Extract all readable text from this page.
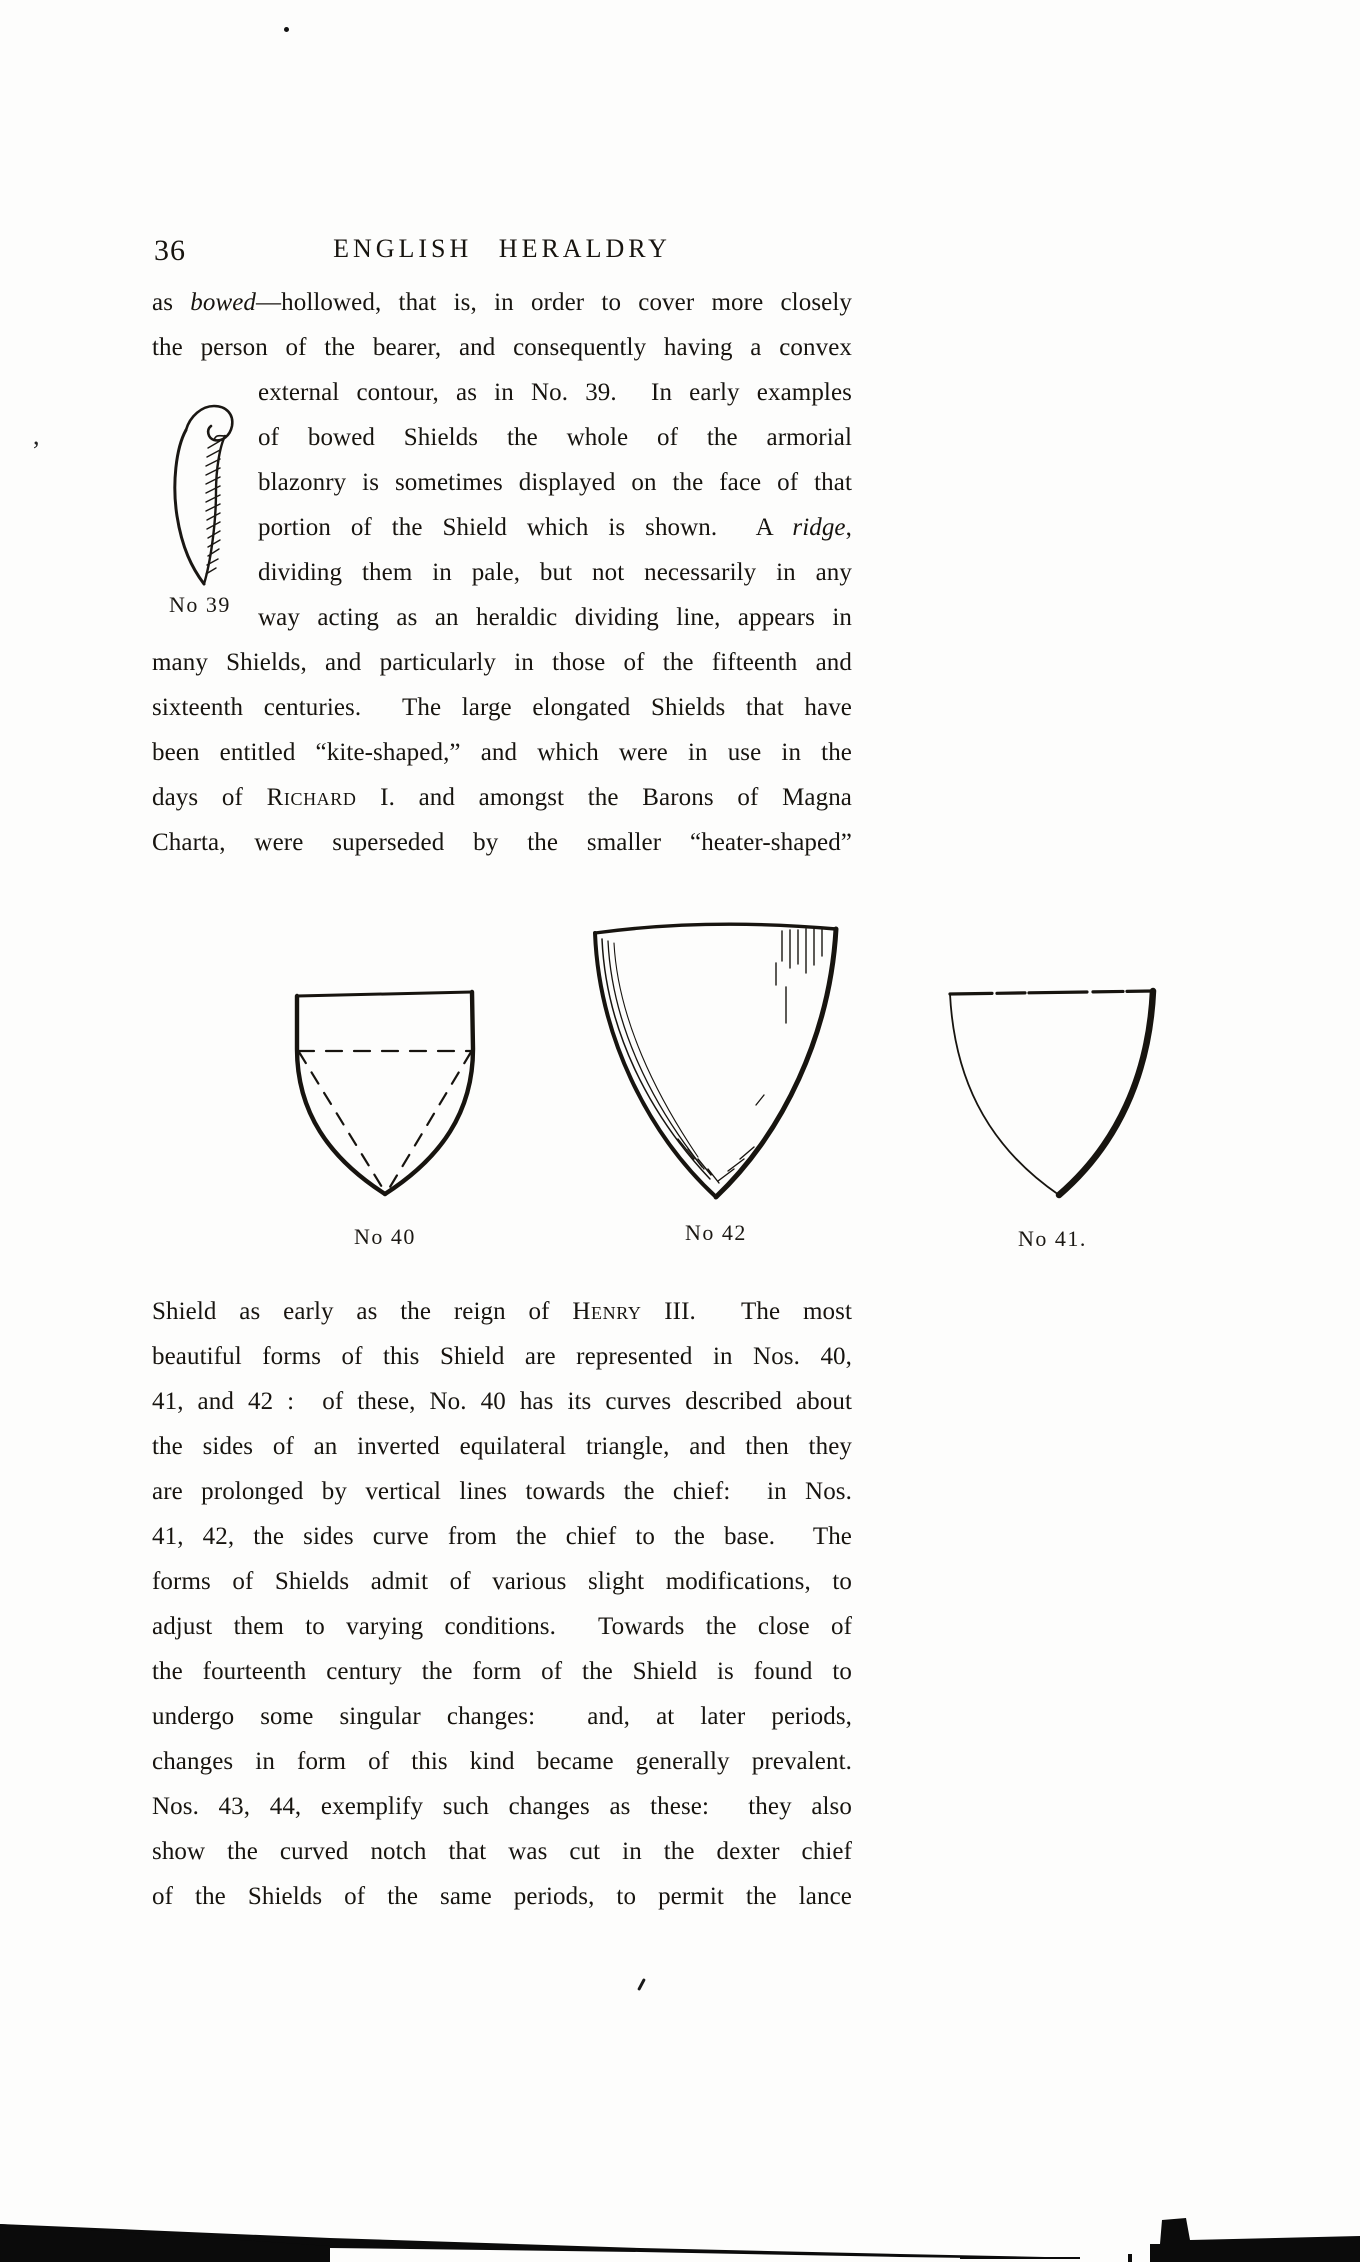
,
36	ENGLISH HERALDRY
as bowed—hollowed, that is, in order to cover more closely
the person of the bearer, and consequently having a convex
No 39
external contour, as in No. 39.  In early examples
of bowed Shields the whole of the armorial
blazonry is sometimes displayed on the face of that
portion of the Shield which is shown.  A ridge,
dividing them in pale, but not necessarily in any
way acting as an heraldic dividing line, appears in
many Shields, and particularly in those of the fifteenth and
sixteenth centuries.  The large elongated Shields that have
been entitled “kite-shaped,” and which were in use in the
days of Richard I. and amongst the Barons of Magna
Charta, were superseded by the smaller “heater-shaped”
No 40	No 42	No 41.
Shield as early as the reign of Henry III.  The most
beautiful forms of this Shield are represented in Nos. 40,
41, and 42 :  of these, No. 40 has its curves described about
the sides of an inverted equilateral triangle, and then they
are prolonged by vertical lines towards the chief:  in Nos.
41, 42, the sides curve from the chief to the base.  The
forms of Shields admit of various slight modifications, to
adjust them to varying conditions.  Towards the close of
the fourteenth century the form of the Shield is found to
undergo some singular changes:  and, at later periods,
changes in form of this kind became generally prevalent.
Nos. 43, 44, exemplify such changes as these:  they also
show the curved notch that was cut in the dexter chief
of the Shields of the same periods, to permit the lance
